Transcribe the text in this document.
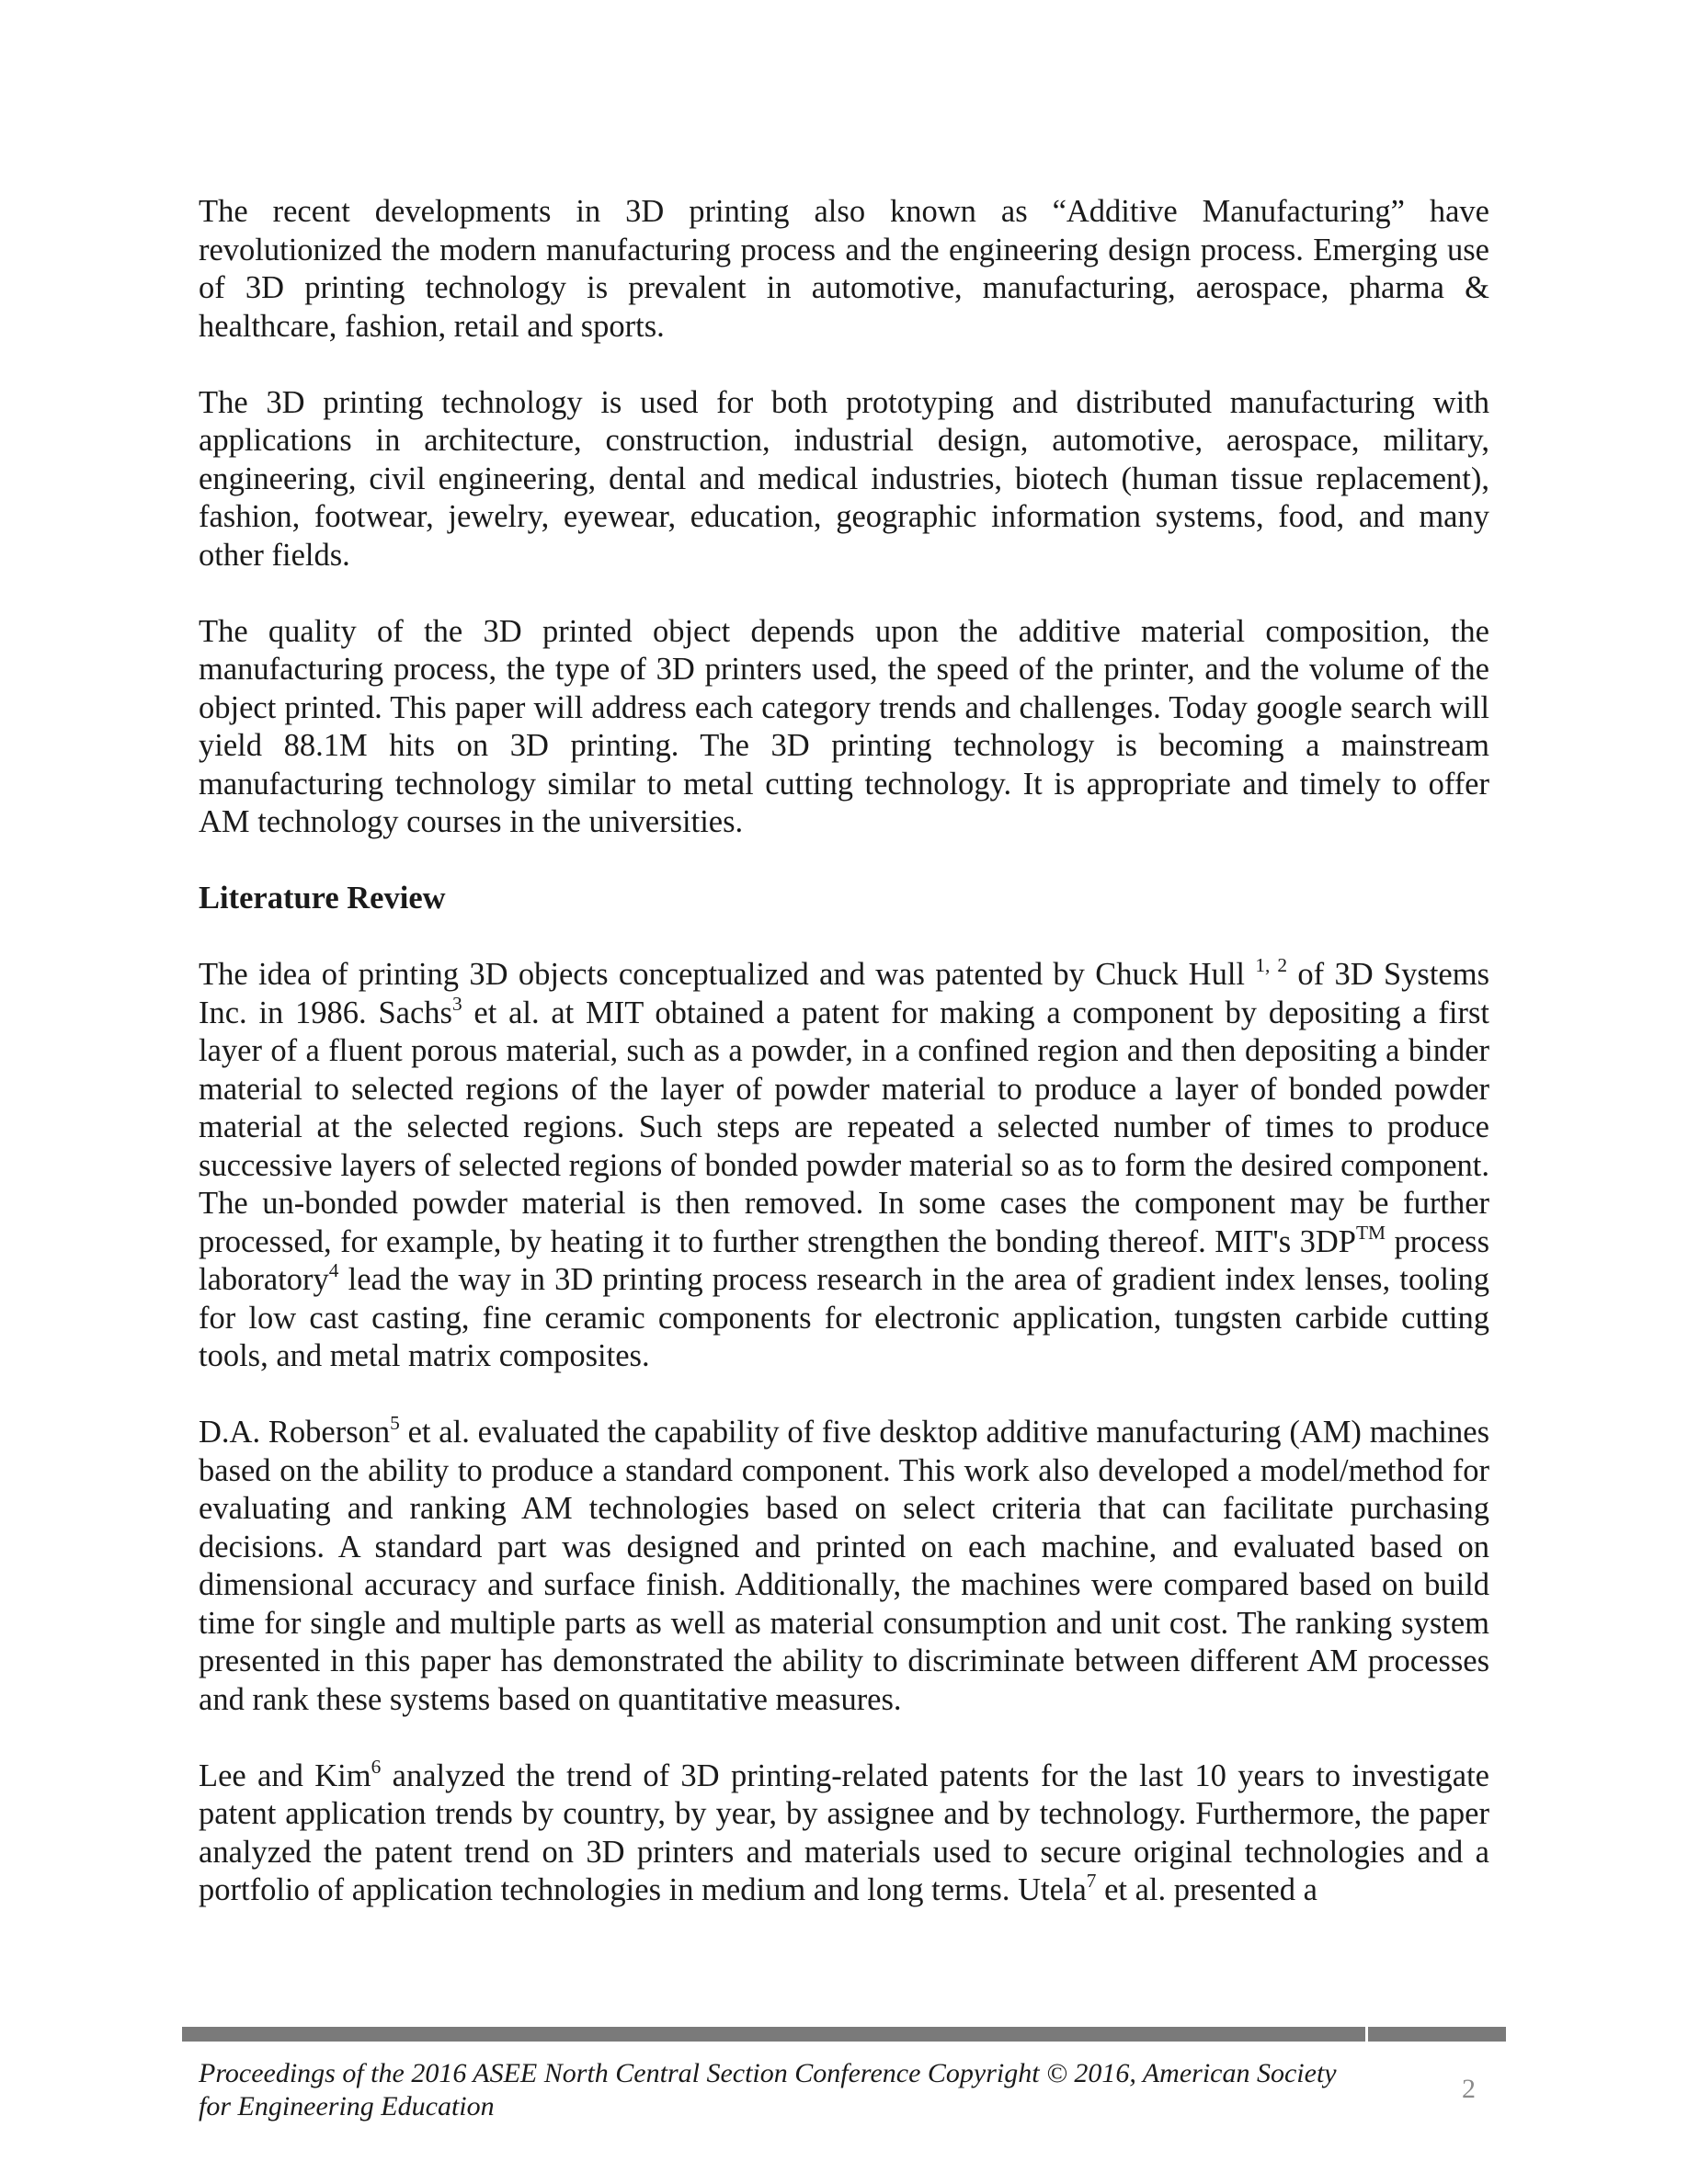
The recent developments in 3D printing also known as “Additive Manufacturing” have revolutionized the modern manufacturing process and the engineering design process. Emerging use of 3D printing technology is prevalent in automotive, manufacturing, aerospace, pharma & healthcare, fashion, retail and sports.

The 3D printing technology is used for both prototyping and distributed manufacturing with applications in architecture, construction, industrial design, automotive, aerospace, military, engineering, civil engineering, dental and medical industries, biotech (human tissue replacement), fashion, footwear, jewelry, eyewear, education, geographic information systems, food, and many other fields.

The quality of the 3D printed object depends upon the additive material composition, the manufacturing process, the type of 3D printers used, the speed of the printer, and the volume of the object printed. This paper will address each category trends and challenges. Today google search will yield 88.1M hits on 3D printing. The 3D printing technology is becoming a mainstream manufacturing technology similar to metal cutting technology. It is appropriate and timely to offer AM technology courses in the universities.

Literature Review

The idea of printing 3D objects conceptualized and was patented by Chuck Hull $^{1, 2}$ of 3D Systems Inc. in 1986. Sachs$^3$ et al. at MIT obtained a patent for making a component by depositing a first layer of a fluent porous material, such as a powder, in a confined region and then depositing a binder material to selected regions of the layer of powder material to produce a layer of bonded powder material at the selected regions. Such steps are repeated a selected number of times to produce successive layers of selected regions of bonded powder material so as to form the desired component. The un-bonded powder material is then removed. In some cases the component may be further processed, for example, by heating it to further strengthen the bonding thereof. MIT's 3DP™ process laboratory$^4$ lead the way in 3D printing process research in the area of gradient index lenses, tooling for low cast casting, fine ceramic components for electronic application, tungsten carbide cutting tools, and metal matrix composites.

D.A. Roberson$^5$ et al. evaluated the capability of five desktop additive manufacturing (AM) machines based on the ability to produce a standard component. This work also developed a model/method for evaluating and ranking AM technologies based on select criteria that can facilitate purchasing decisions. A standard part was designed and printed on each machine, and evaluated based on dimensional accuracy and surface finish. Additionally, the machines were compared based on build time for single and multiple parts as well as material consumption and unit cost. The ranking system presented in this paper has demonstrated the ability to discriminate between different AM processes and rank these systems based on quantitative measures.

Lee and Kim$^6$ analyzed the trend of 3D printing-related patents for the last 10 years to investigate patent application trends by country, by year, by assignee and by technology. Furthermore, the paper analyzed the patent trend on 3D printers and materials used to secure original technologies and a portfolio of application technologies in medium and long terms. Utela$^7$ et al. presented a

Proceedings of the 2016 ASEE North Central Section Conference Copyright © 2016, American Society
for Engineering Education
2
